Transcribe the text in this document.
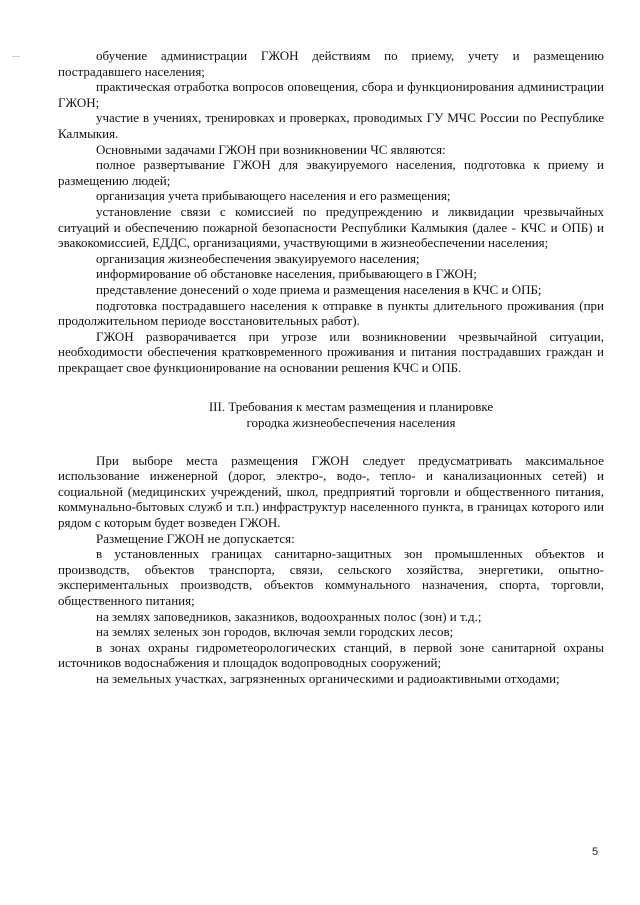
обучение администрации ГЖОН действиям по приему, учету и размещению пострадавшего населения;

практическая отработка вопросов оповещения, сбора и функционирования администрации ГЖОН;

участие в учениях, тренировках и проверках, проводимых ГУ МЧС России по Республике Калмыкия.

Основными задачами ГЖОН при возникновении ЧС являются:

полное развертывание ГЖОН для эвакуируемого населения, подготовка к приему и размещению людей;

организация учета прибывающего населения и его размещения;

установление связи с комиссией по предупреждению и ликвидации чрезвычайных ситуаций и обеспечению пожарной безопасности Республики Калмыкия (далее - КЧС и ОПБ) и эвакокомиссией, ЕДДС, организациями, участвующими в жизнеобеспечении населения;

организация жизнеобеспечения эвакуируемого населения;

информирование об обстановке населения, прибывающего в ГЖОН;

представление донесений о ходе приема и размещения населения в КЧС и ОПБ;

подготовка пострадавшего населения к отправке в пункты длительного проживания (при продолжительном периоде восстановительных работ).

ГЖОН разворачивается при угрозе или возникновении чрезвычайной ситуации, необходимости обеспечения кратковременного проживания и питания пострадавших граждан и прекращает свое функционирование на основании решения КЧС и ОПБ.

III. Требования к местам размещения и планировке
городка жизнеобеспечения населения

При выборе места размещения ГЖОН следует предусматривать максимальное использование инженерной (дорог, электро-, водо-, тепло- и канализационных сетей) и социальной (медицинских учреждений, школ, предприятий торговли и общественного питания, коммунально-бытовых служб и т.п.) инфраструктур населенного пункта, в границах которого или рядом с которым будет возведен ГЖОН.

Размещение ГЖОН не допускается:

в установленных границах санитарно-защитных зон промышленных объектов и производств, объектов транспорта, связи, сельского хозяйства, энергетики, опытно-экспериментальных производств, объектов коммунального назначения, спорта, торговли, общественного питания;

на землях заповедников, заказников, водоохранных полос (зон) и т.д.;

на землях зеленых зон городов, включая земли городских лесов;

в зонах охраны гидрометеорологических станций, в первой зоне санитарной охраны источников водоснабжения и площадок водопроводных сооружений;

на земельных участках, загрязненных органическими и радиоактивными отходами;

5
